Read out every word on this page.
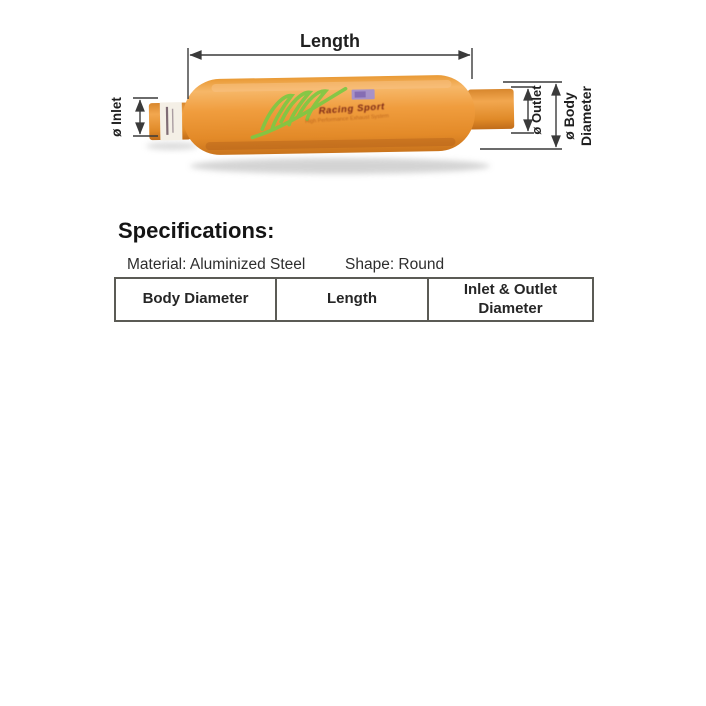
Racing Sport
High Performance Exhaust System
Length
ø Inlet	ø Outlet ø Body Diameter
Specifications:
Material: Aluminized Steel	Shape: Round
Body Diameter	Length	Inlet & Outlet Diameter
